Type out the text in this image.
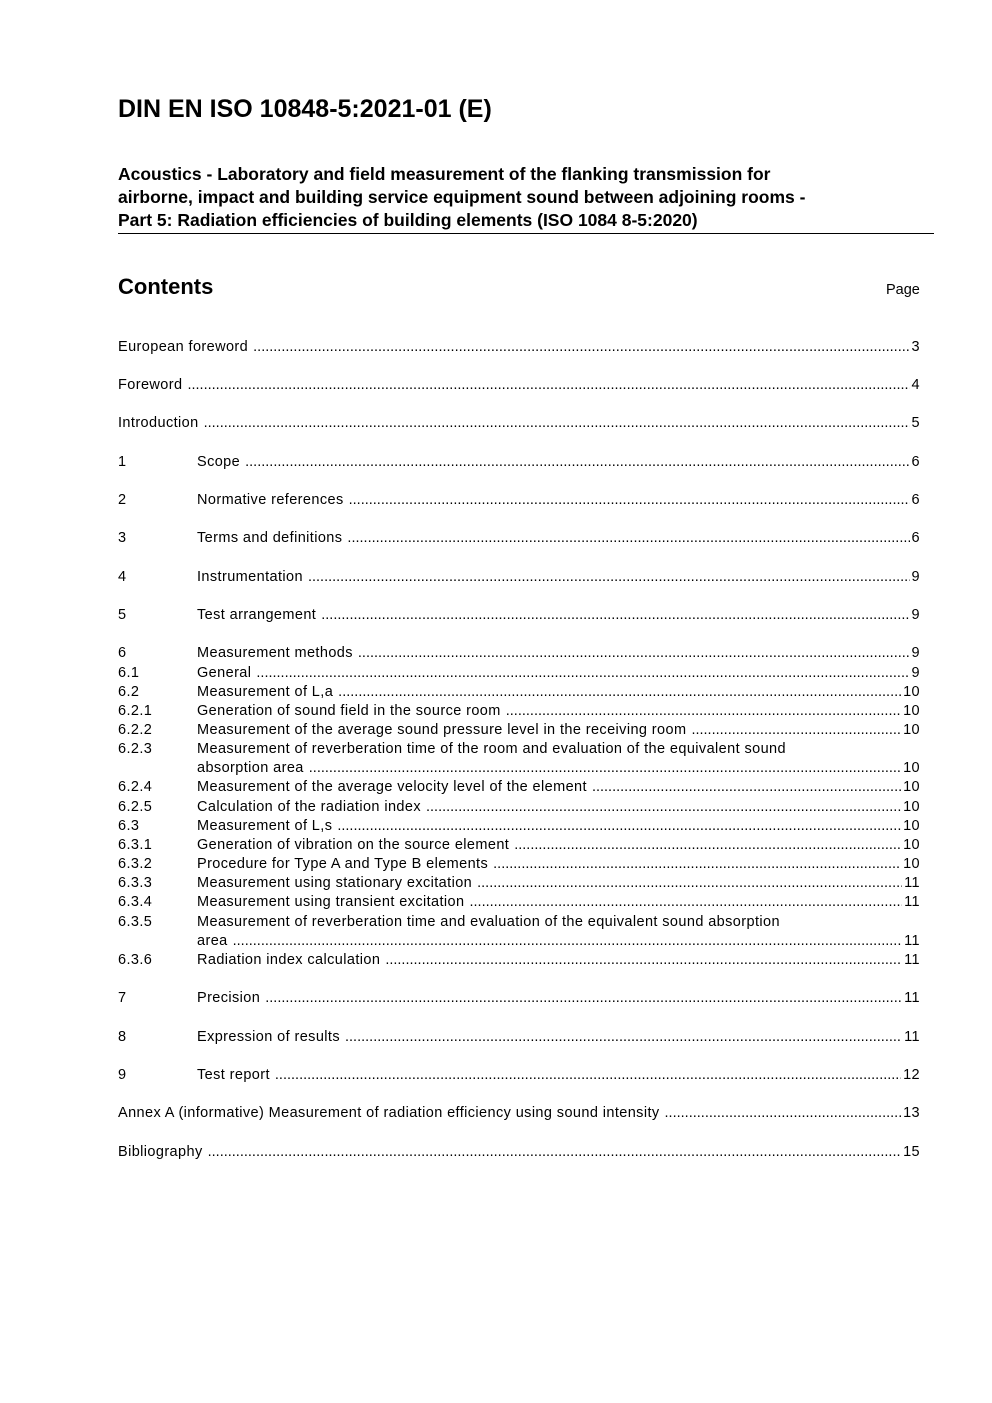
DIN EN ISO 10848-5:2021-01 (E)
Acoustics - Laboratory and field measurement of the flanking transmission for
airborne, impact and building service equipment sound between adjoining rooms -
Part 5: Radiation efficiencies of building elements (ISO 1084 8-5:2020)
Contents	Page
European foreword .....	3
Foreword .....	4
Introduction .....	5
1	Scope .....	6
2	Normative references .....	6
3	Terms and definitions .....	6
4	Instrumentation .....	9
5	Test arrangement .....	9
6	Measurement methods .....	9
6.1	General .....	9
6.2	Measurement of L,a .....	10
6.2.1	Generation of sound field in the source room .....	10
6.2.2	Measurement of the average sound pressure level in the receiving room .....	10
6.2.3	Measurement of reverberation time of the room and evaluation of the equivalent sound
absorption area .....	10
6.2.4	Measurement of the average velocity level of the element .....	10
6.2.5	Calculation of the radiation index .....	10
6.3	Measurement of L,s .....	10
6.3.1	Generation of vibration on the source element .....	10
6.3.2	Procedure for Type A and Type B elements .....	10
6.3.3	Measurement using stationary excitation .....	11
6.3.4	Measurement using transient excitation .....	11
6.3.5	Measurement of reverberation time and evaluation of the equivalent sound absorption
area .....	11
6.3.6	Radiation index calculation .....	11
7	Precision .....	11
8	Expression of results .....	11
9	Test report .....	12
Annex A (informative) Measurement of radiation efficiency using sound intensity .....	13
Bibliography .....	15
